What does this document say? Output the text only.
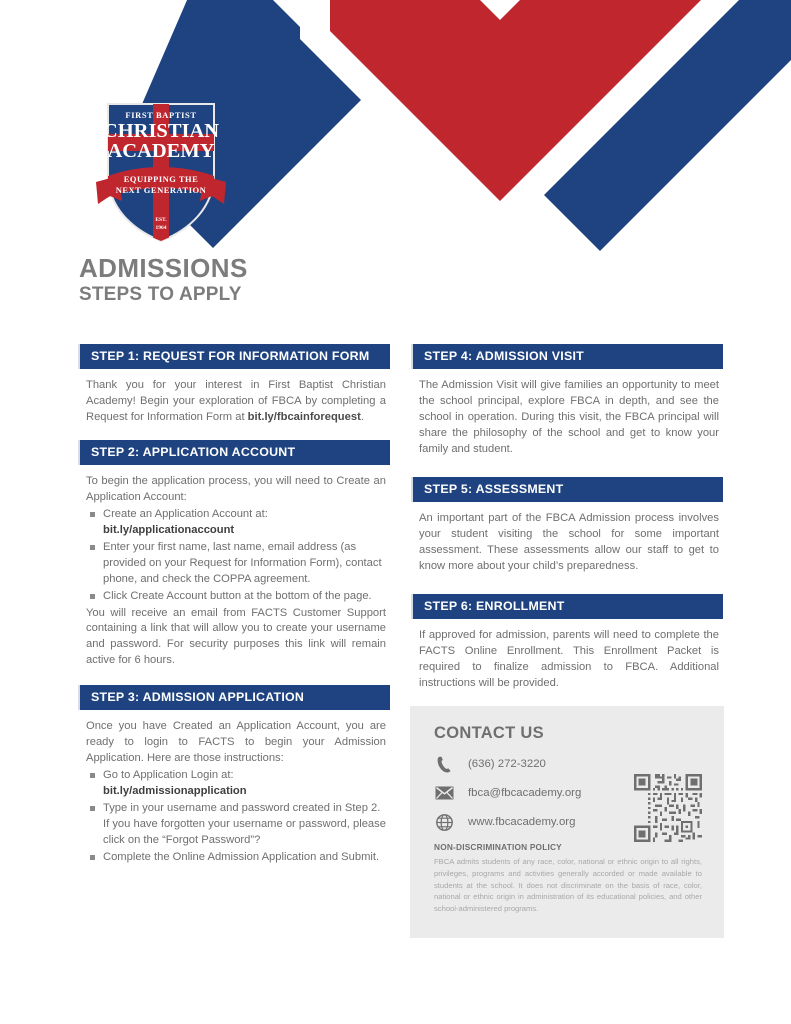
FIRST BAPTIST
CHRISTIAN
ACADEMY
EQUIPPING THE
NEXT GENERATION
EST.
1964
ADMISSIONS
STEPS TO APPLY
STEP 1: REQUEST FOR INFORMATION FORM

Thank you for your interest in First Baptist Christian Academy! Begin your exploration of FBCA by completing a Request for Information Form at bit.ly/fbcainforequest.

STEP 2: APPLICATION ACCOUNT

To begin the application process, you will need to Create an Application Account:

Create an Application Account at:
bit.ly/applicationaccount
Enter your first name, last name, email address (as provided on your Request for Information Form), contact phone, and check the COPPA agreement.
Click Create Account button at the bottom of the page.

You will receive an email from FACTS Customer Support containing a link that will allow you to create your username and password. For security purposes this link will remain active for 6 hours.

STEP 3: ADMISSION APPLICATION

Once you have Created an Application Account, you are ready to login to FACTS to begin your Admission Application. Here are those instructions:

Go to Application Login at:
bit.ly/admissionapplication
Type in your username and password created in Step 2. If you have forgotten your username or password, please click on the “Forgot Password”?
Complete the Online Admission Application and Submit.
STEP 4: ADMISSION VISIT

The Admission Visit will give families an opportunity to meet the school principal, explore FBCA in depth, and see the school in operation. During this visit, the FBCA principal will share the philosophy of the school and get to know your family and student.

STEP 5: ASSESSMENT

An important part of the FBCA Admission process involves your student visiting the school for some important assessment. These assessments allow our staff to get to know more about your child’s preparedness.

STEP 6: ENROLLMENT

If approved for admission, parents will need to complete the FACTS Online Enrollment. This Enrollment Packet is required to finalize admission to FBCA. Additional instructions will be provided.

CONTACT US
(636) 272-3220
fbca@fbcacademy.org
www.fbcacademy.org
NON-DISCRIMINATION POLICY
FBCA admits students of any race, color, national or ethnic origin to all rights, privileges, programs and activities generally accorded or made available to students at the school. It does not discriminate on the basis of race, color, national or ethnic origin in administration of its educational policies, and other school-administered programs.
